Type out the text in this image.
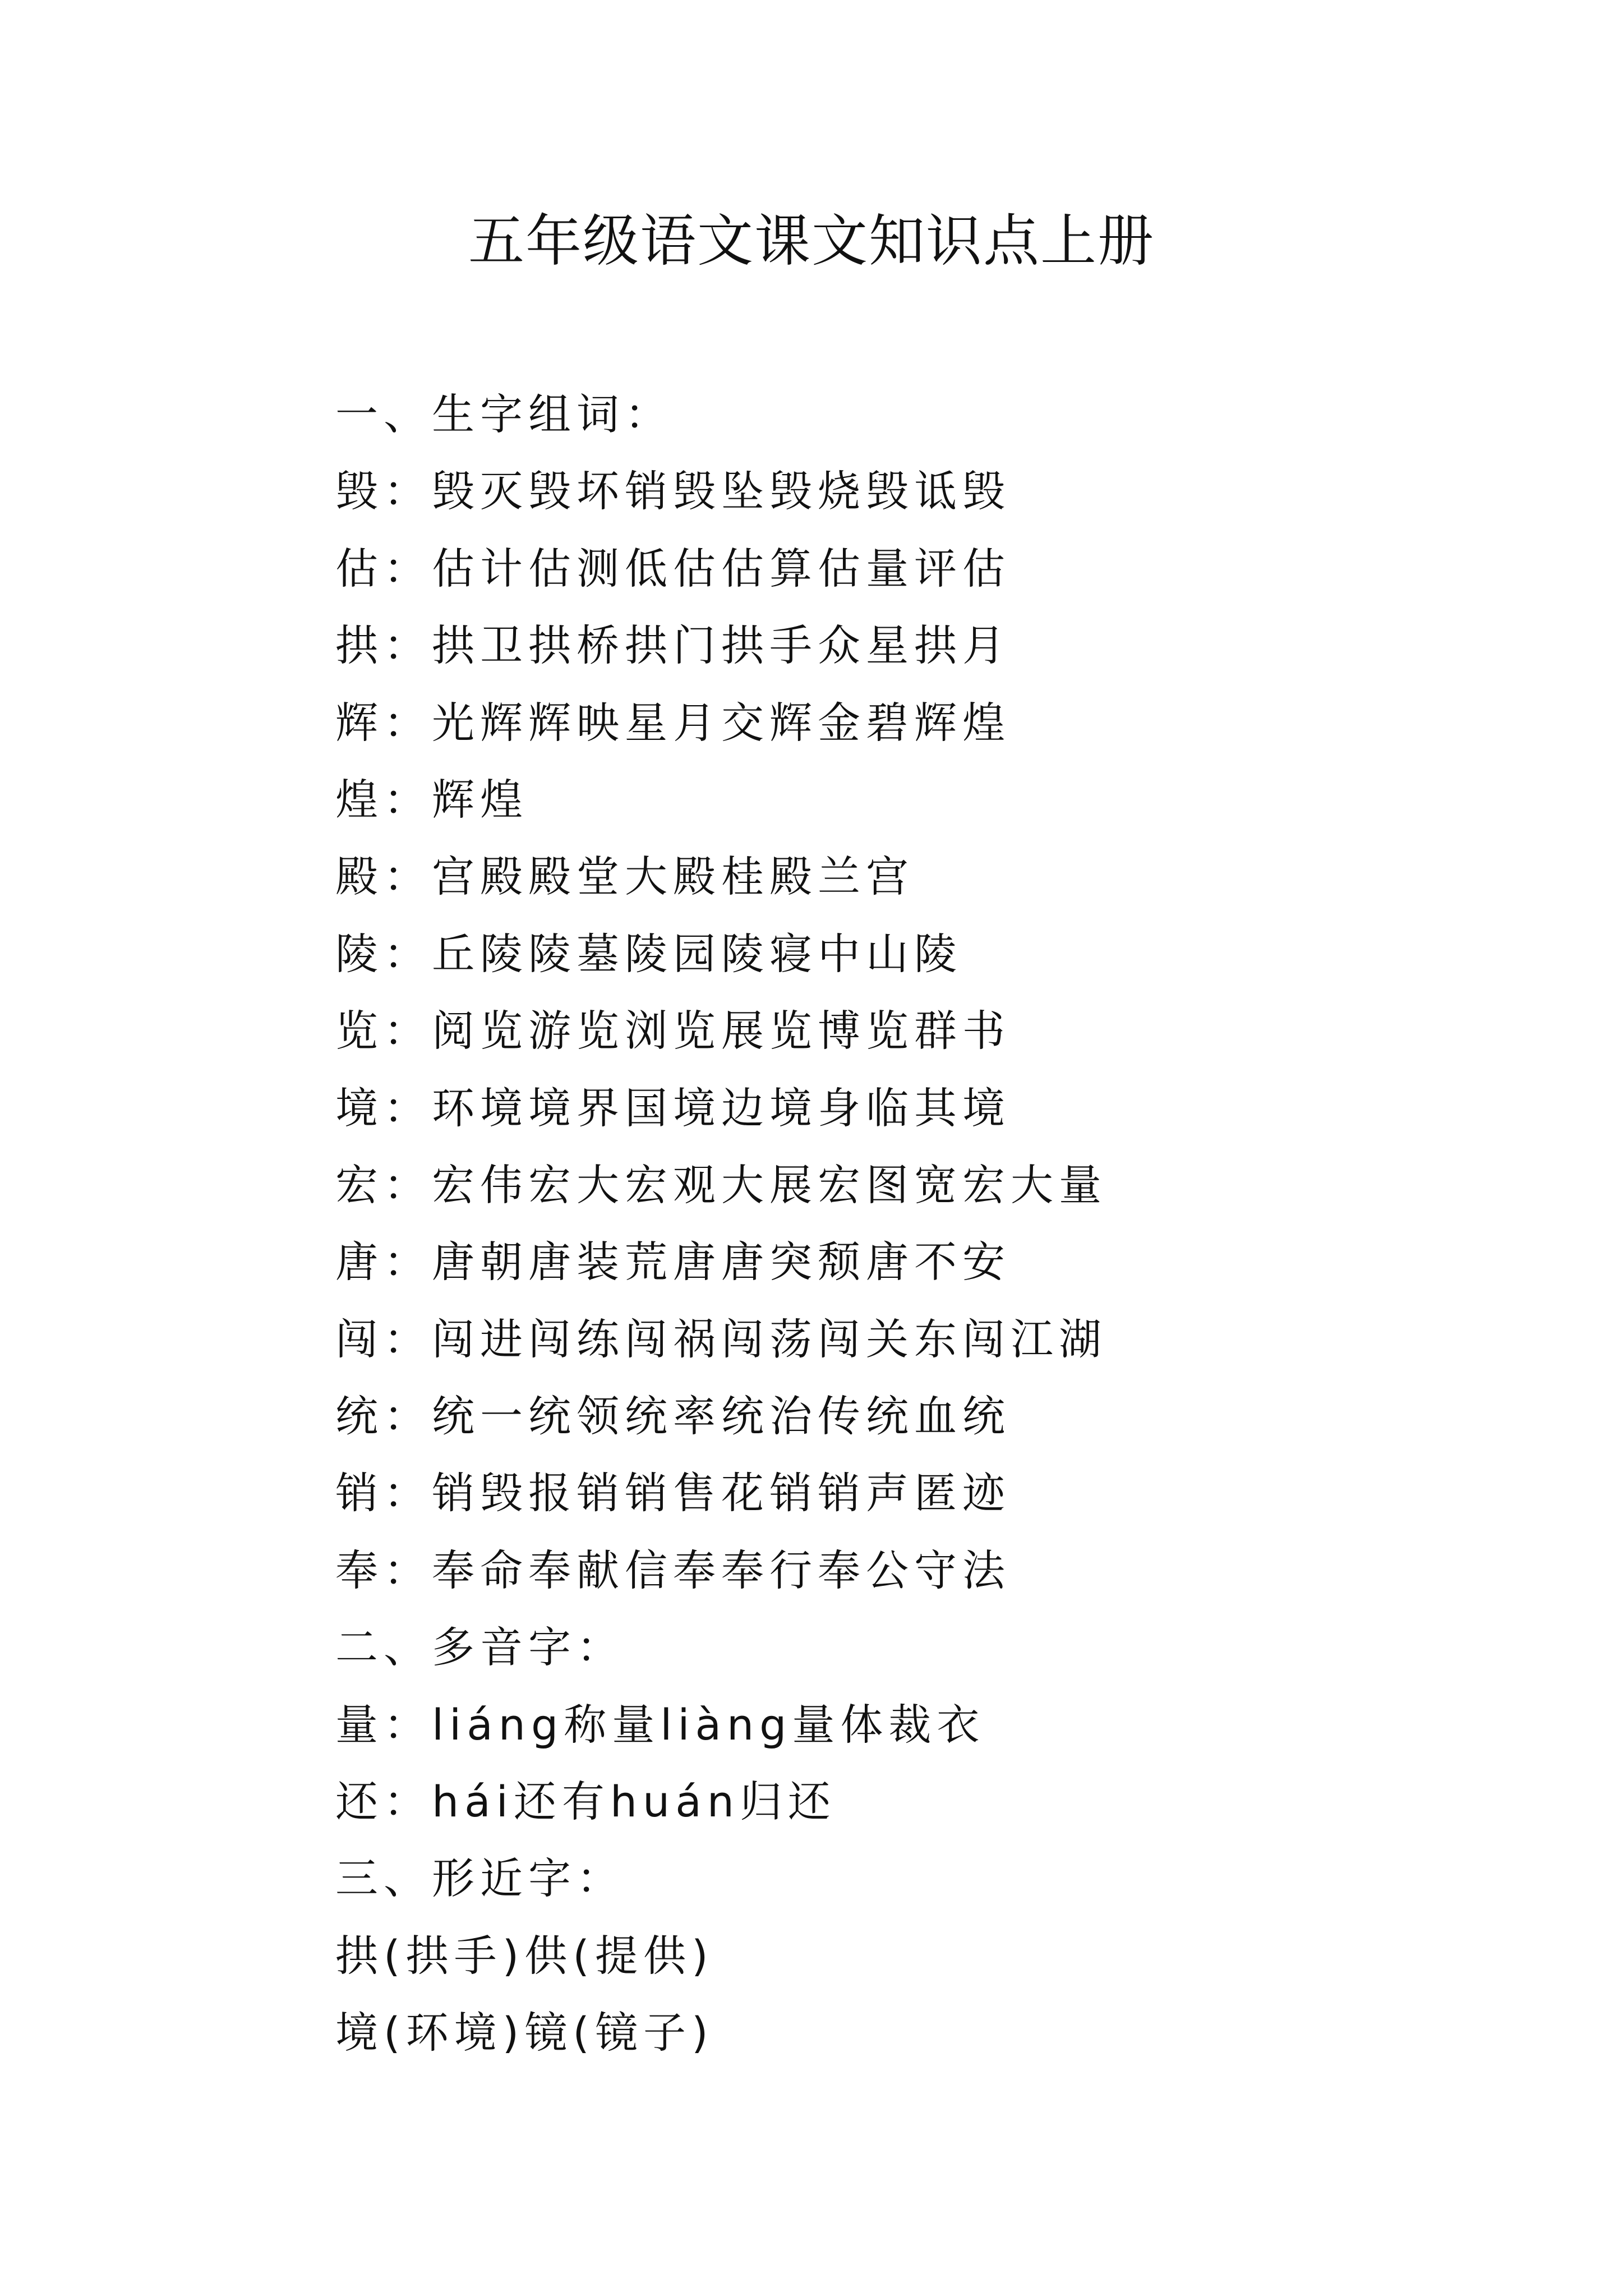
五年级语文课文知识点上册
一、生字组词：
毁：毁灭毁坏销毁坠毁烧毁诋毁
估：估计估测低估估算估量评估
拱：拱卫拱桥拱门拱手众星拱月
辉：光辉辉映星月交辉金碧辉煌
煌：辉煌
殿：宫殿殿堂大殿桂殿兰宫
陵：丘陵陵墓陵园陵寝中山陵
览：阅览游览浏览展览博览群书
境：环境境界国境边境身临其境
宏：宏伟宏大宏观大展宏图宽宏大量
唐：唐朝唐装荒唐唐突颓唐不安
闯：闯进闯练闯祸闯荡闯关东闯江湖
统：统一统领统率统治传统血统
销：销毁报销销售花销销声匿迹
奉：奉命奉献信奉奉行奉公守法
二、多音字：
量：liáng称量liàng量体裁衣
还：hái还有huán归还
三、形近字：
拱(拱手)供(提供)
境(环境)镜(镜子)
